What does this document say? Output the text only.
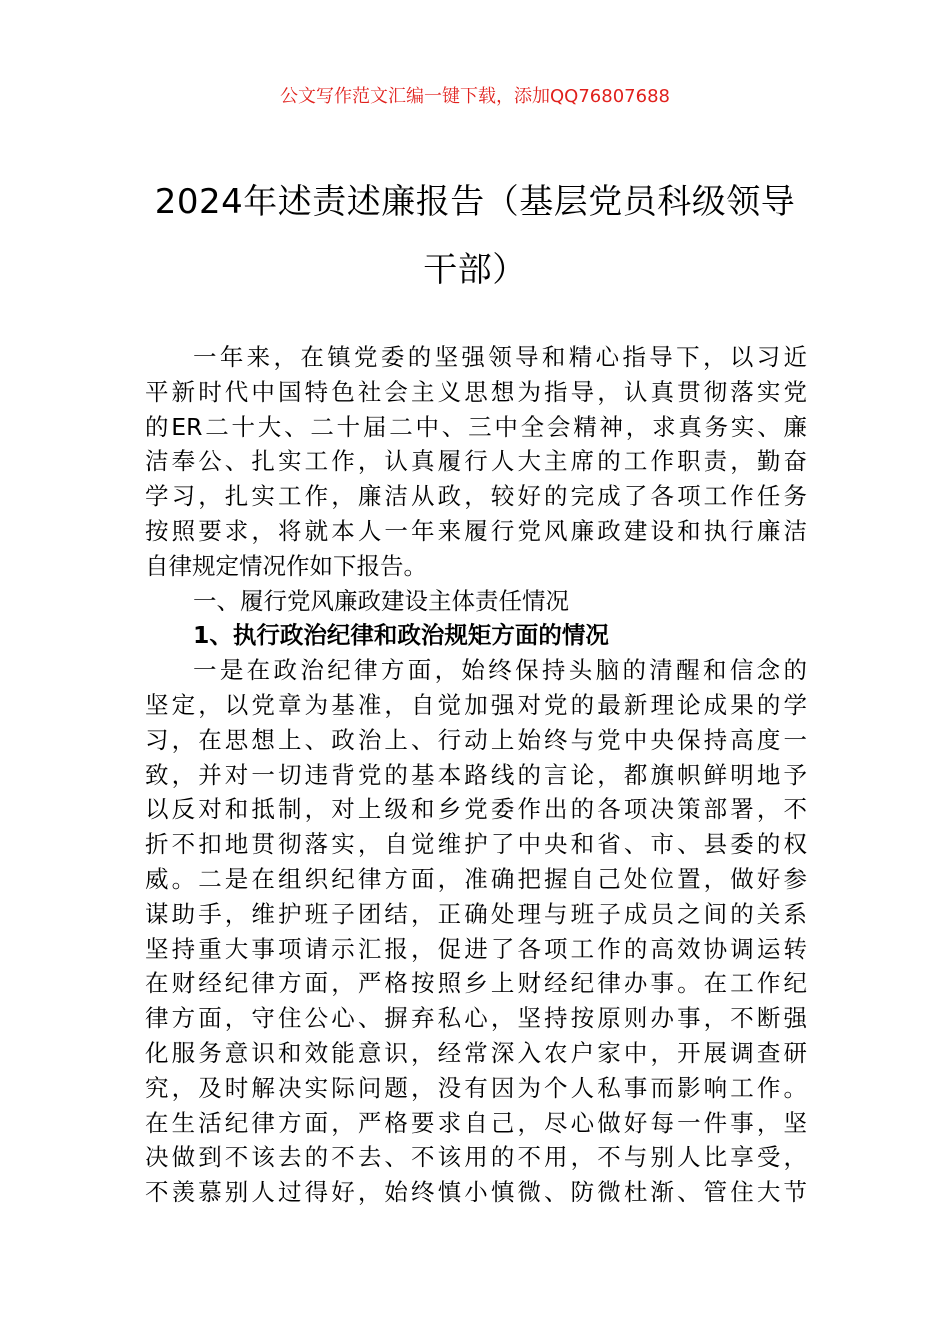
公文写作范文汇编一键下载，添加QQ76807688
2024年述责述廉报告（基层党员科级领导
干部）
一年来，在镇党委的坚强领导和精心指导下，以习近
平新时代中国特色社会主义思想为指导，认真贯彻落实党
的ER二十大、二十届二中、三中全会精神，求真务实、廉
洁奉公、扎实工作，认真履行人大主席的工作职责，勤奋
学习，扎实工作，廉洁从政，较好的完成了各项工作任务
按照要求，将就本人一年来履行党风廉政建设和执行廉洁
自律规定情况作如下报告。
一、履行党风廉政建设主体责任情况
1、执行政治纪律和政治规矩方面的情况
一是在政治纪律方面，始终保持头脑的清醒和信念的
坚定，以党章为基准，自觉加强对党的最新理论成果的学
习，在思想上、政治上、行动上始终与党中央保持高度一
致，并对一切违背党的基本路线的言论，都旗帜鲜明地予
以反对和抵制，对上级和乡党委作出的各项决策部署，不
折不扣地贯彻落实，自觉维护了中央和省、市、县委的权
威。二是在组织纪律方面，准确把握自己处位置，做好参
谋助手，维护班子团结，正确处理与班子成员之间的关系
坚持重大事项请示汇报，促进了各项工作的高效协调运转
在财经纪律方面，严格按照乡上财经纪律办事。在工作纪
律方面，守住公心、摒弃私心，坚持按原则办事，不断强
化服务意识和效能意识，经常深入农户家中，开展调查研
究，及时解决实际问题，没有因为个人私事而影响工作。
在生活纪律方面，严格要求自己，尽心做好每一件事，坚
决做到不该去的不去、不该用的不用，不与别人比享受，
不羡慕别人过得好，始终慎小慎微、防微杜渐、管住大节
